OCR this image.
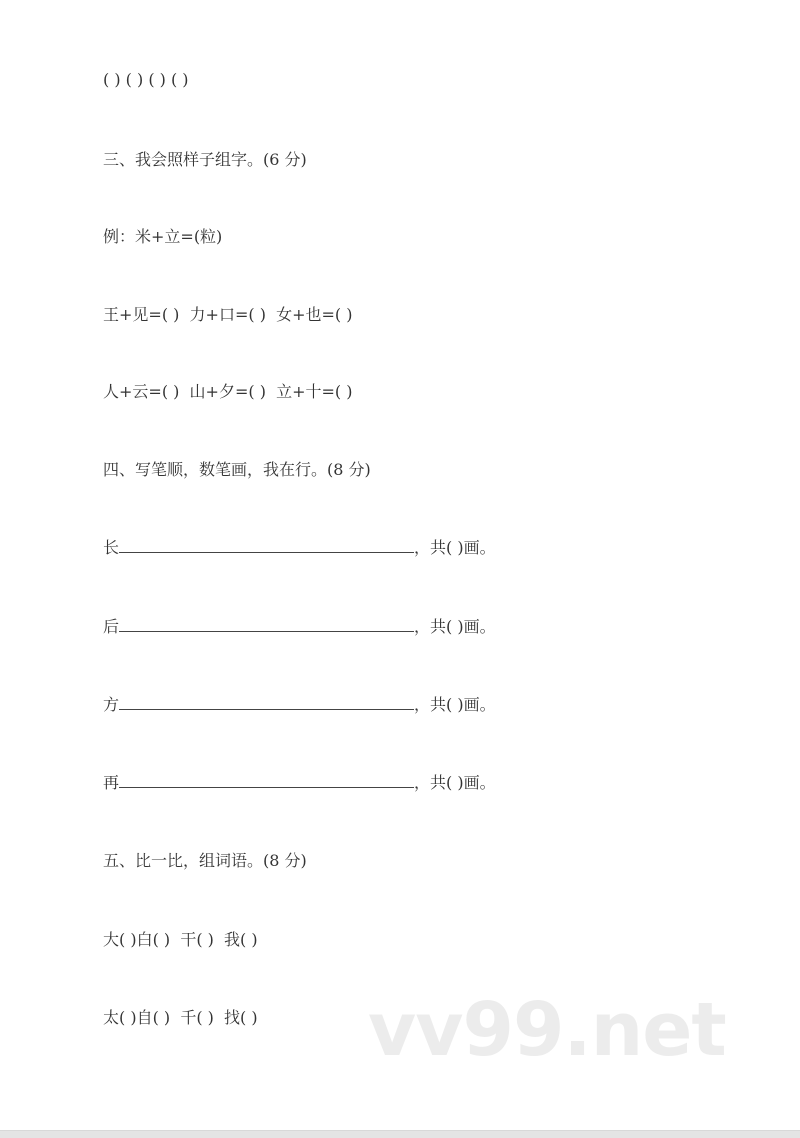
( ) ( ) ( ) ( )
三、我会照样子组字。(6 分)
例：米+立=(粒)
王+见=( )  力+口=( )  女+也=( )
人+云=( )  山+夕=( )  立+十=( )
四、写笔顺，数笔画，我在行。(8 分)
长	，共( )画。
后	，共( )画。
方	，共( )画。
再	，共( )画。
五、比一比，组词语。(8 分)
大( )白( )  干( )  我( )
太( )自( )  千( )  找( ) vv99.net
